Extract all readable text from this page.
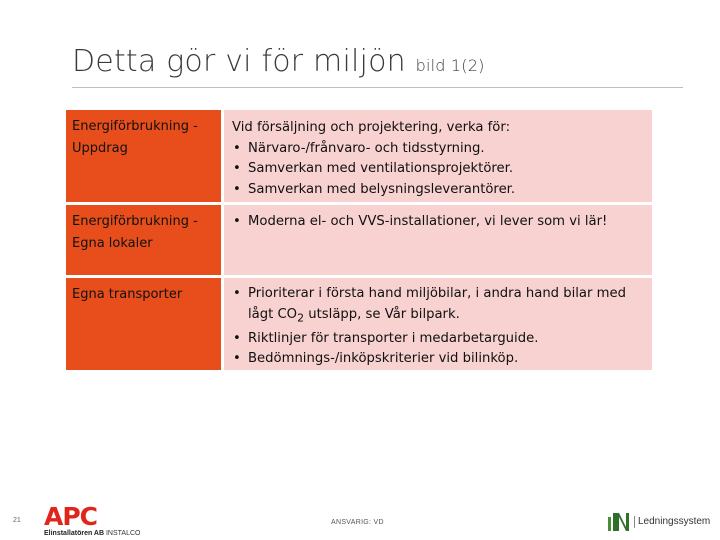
Detta gör vi för miljön bild 1(2)
Energiförbrukning - Uppdrag
Vid försäljning och projektering, verka för:
• Närvaro-/frånvaro- och tidsstyrning.
• Samverkan med ventilationsprojektörer.
• Samverkan med belysningsleverantörer.
Energiförbrukning - Egna lokaler
• Moderna el- och VVS-installationer, vi lever som vi lär!
Egna transporter
•	Prioriterar i första hand miljöbilar, i andra hand bilar med lågt $CO_2$ utsläpp, se Vår bilpark.
• Riktlinjer för transporter i medarbetarguide.
• Bedömnings-/inköpskriterier vid bilinköp.
21 APC
Elinstallatören AB INSTALCO
ANSVARIG: VD	Ledningssystem
